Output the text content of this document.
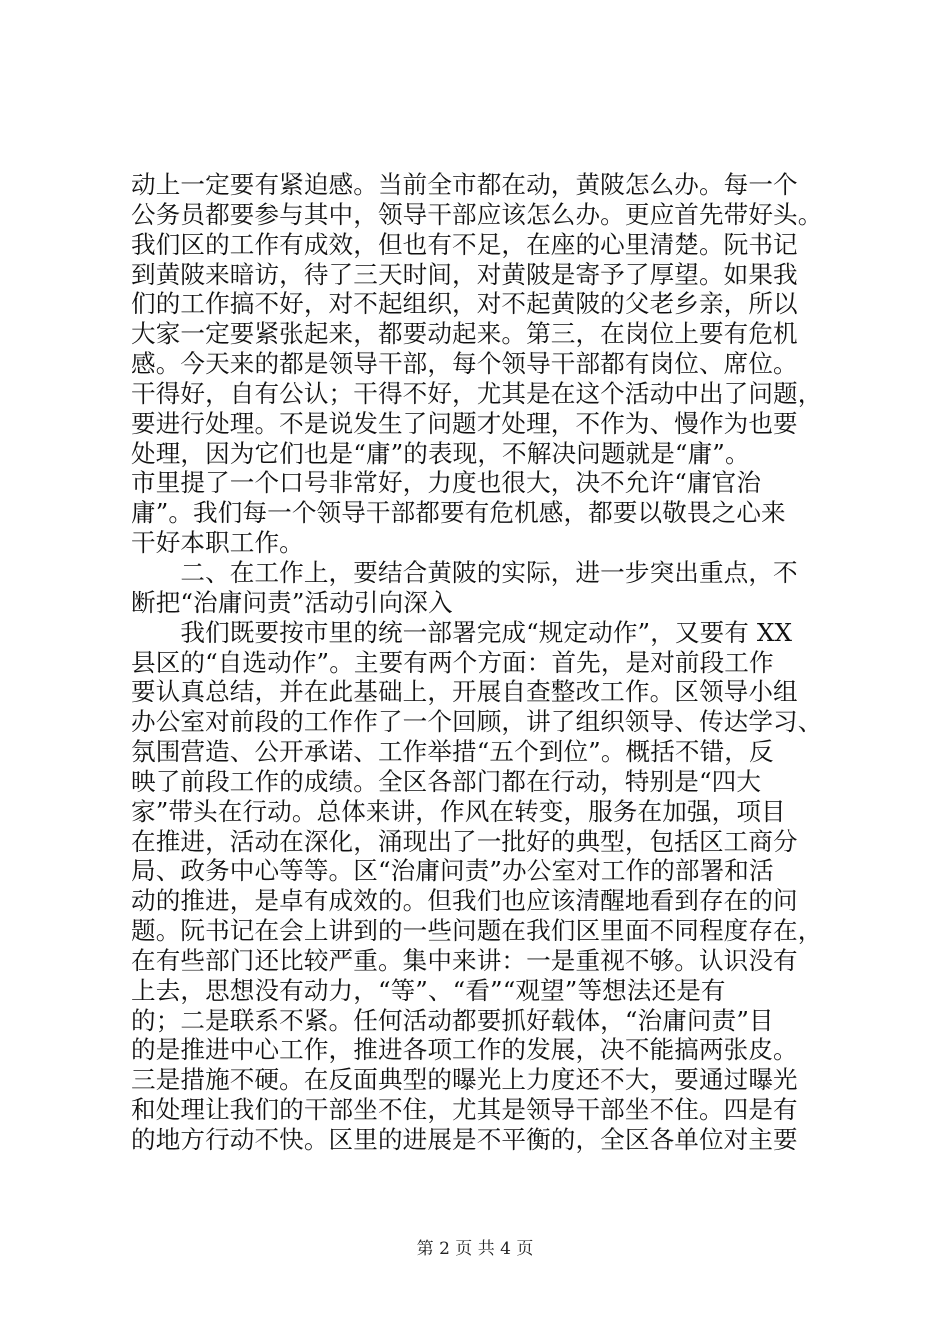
动上一定要有紧迫感。当前全市都在动，黄陂怎么办。每一个
公务员都要参与其中，领导干部应该怎么办。更应首先带好头。
我们区的工作有成效，但也有不足，在座的心里清楚。阮书记
到黄陂来暗访，待了三天时间，对黄陂是寄予了厚望。如果我
们的工作搞不好，对不起组织，对不起黄陂的父老乡亲，所以
大家一定要紧张起来，都要动起来。第三，在岗位上要有危机
感。今天来的都是领导干部，每个领导干部都有岗位、席位。
干得好，自有公认；干得不好，尤其是在这个活动中出了问题，
要进行处理。不是说发生了问题才处理，不作为、慢作为也要
处理，因为它们也是“庸”的表现，不解决问题就是“庸”。
市里提了一个口号非常好，力度也很大，决不允许“庸官治
庸”。我们每一个领导干部都要有危机感，都要以敬畏之心来
干好本职工作。
　　二、在工作上，要结合黄陂的实际，进一步突出重点，不
断把“治庸问责”活动引向深入
　　我们既要按市里的统一部署完成“规定动作”，又要有 XX
县区的“自选动作”。主要有两个方面：首先，是对前段工作
要认真总结，并在此基础上，开展自查整改工作。区领导小组
办公室对前段的工作作了一个回顾，讲了组织领导、传达学习、
氛围营造、公开承诺、工作举措“五个到位”。概括不错，反
映了前段工作的成绩。全区各部门都在行动，特别是“四大
家”带头在行动。总体来讲，作风在转变，服务在加强，项目
在推进，活动在深化，涌现出了一批好的典型，包括区工商分
局、政务中心等等。区“治庸问责”办公室对工作的部署和活
动的推进，是卓有成效的。但我们也应该清醒地看到存在的问
题。阮书记在会上讲到的一些问题在我们区里面不同程度存在，
在有些部门还比较严重。集中来讲：一是重视不够。认识没有
上去，思想没有动力，“等”、“看”“观望”等想法还是有
的；二是联系不紧。任何活动都要抓好载体，“治庸问责”目
的是推进中心工作，推进各项工作的发展，决不能搞两张皮。
三是措施不硬。在反面典型的曝光上力度还不大，要通过曝光
和处理让我们的干部坐不住，尤其是领导干部坐不住。四是有
的地方行动不快。区里的进展是不平衡的，全区各单位对主要
第 2 页 共 4 页
